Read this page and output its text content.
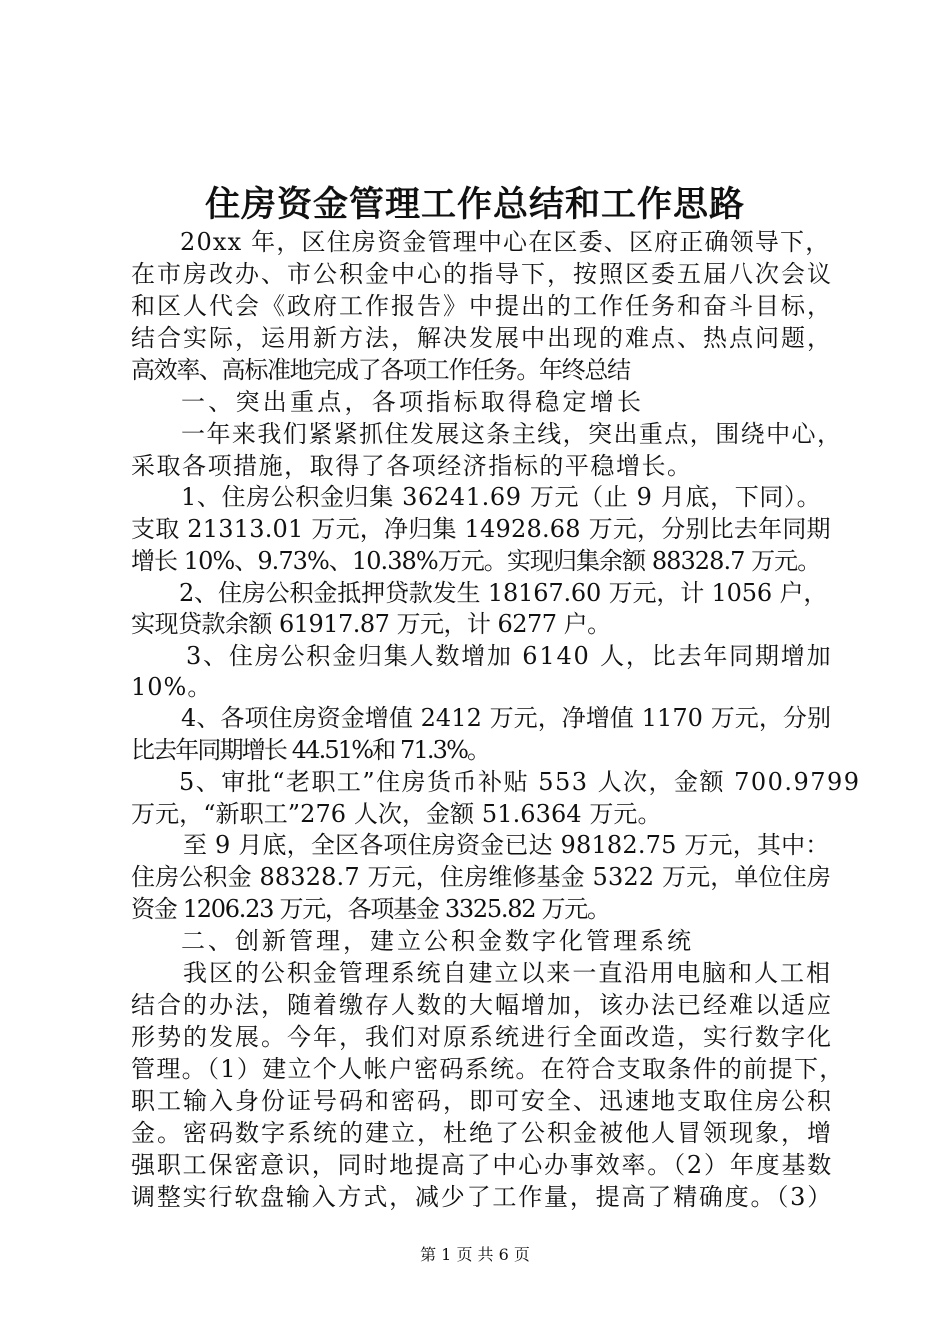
住房资金管理工作总结和工作思路
20xx 年，区住房资金管理中心在区委、区府正确领导下，
在市房改办、市公积金中心的指导下，按照区委五届八次会议
和区人代会《政府工作报告》中提出的工作任务和奋斗目标，
结合实际，运用新方法，解决发展中出现的难点、热点问题，
高效率、高标准地完成了各项工作任务。年终总结
一、突出重点，各项指标取得稳定增长
一年来我们紧紧抓住发展这条主线，突出重点，围绕中心，
采取各项措施，取得了各项经济指标的平稳增长。
1、住房公积金归集 36241.69 万元（止 9 月底，下同）。
支取 21313.01 万元，净归集 14928.68 万元，分别比去年同期
增长 10%、9.73%、10.38%万元。实现归集余额 88328.7 万元。
2、住房公积金抵押贷款发生 18167.60 万元，计 1056 户，
实现贷款余额 61917.87 万元，计 6277 户。
3、住房公积金归集人数增加 6140 人，比去年同期增加
10%。
4、各项住房资金增值 2412 万元，净增值 1170 万元，分别
比去年同期增长 44.51%和 71.3%。
5、审批“老职工”住房货币补贴 553 人次，金额 700.9799
万元，“新职工”276 人次，金额 51.6364 万元。
至 9 月底，全区各项住房资金已达 98182.75 万元，其中：
住房公积金 88328.7 万元，住房维修基金 5322 万元，单位住房
资金 1206.23 万元，各项基金 3325.82 万元。
二、创新管理，建立公积金数字化管理系统
我区的公积金管理系统自建立以来一直沿用电脑和人工相
结合的办法，随着缴存人数的大幅增加，该办法已经难以适应
形势的发展。今年，我们对原系统进行全面改造，实行数字化
管理。（1）建立个人帐户密码系统。在符合支取条件的前提下，
职工输入身份证号码和密码，即可安全、迅速地支取住房公积
金。密码数字系统的建立，杜绝了公积金被他人冒领现象，增
强职工保密意识，同时地提高了中心办事效率。（2）年度基数
调整实行软盘输入方式，减少了工作量，提高了精确度。（3）
第 1 页 共 6 页
